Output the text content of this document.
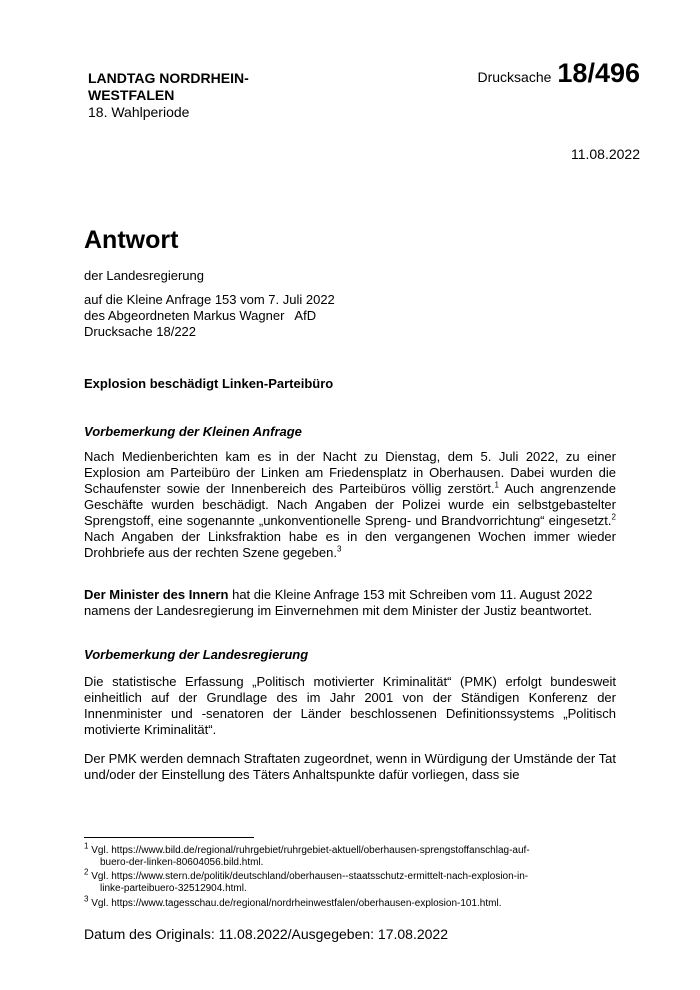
LANDTAG NORDRHEIN-
WESTFALEN
18. Wahlperiode
Drucksache 18/496
11.08.2022
Antwort
der Landesregierung
auf die Kleine Anfrage 153 vom 7. Juli 2022
des Abgeordneten Markus Wagner AfD
Drucksache 18/222
Explosion beschädigt Linken-Parteibüro
Vorbemerkung der Kleinen Anfrage
Nach Medienberichten kam es in der Nacht zu Dienstag, dem 5. Juli 2022, zu einer Explosion am Parteibüro der Linken am Friedensplatz in Oberhausen. Dabei wurden die Schaufenster sowie der Innenbereich des Parteibüros völlig zerstört.$^1$ Auch angrenzende Geschäfte wurden beschädigt. Nach Angaben der Polizei wurde ein selbstgebastelter Sprengstoff, eine sogenannte „unkonventionelle Spreng- und Brandvorrichtung“ eingesetzt.$^2$ Nach Angaben der Linksfraktion habe es in den vergangenen Wochen immer wieder Drohbriefe aus der rechten Szene gegeben.$^3$
Der Minister des Innern hat die Kleine Anfrage 153 mit Schreiben vom 11. August 2022 namens der Landesregierung im Einvernehmen mit dem Minister der Justiz beantwortet.
Vorbemerkung der Landesregierung
Die statistische Erfassung „Politisch motivierter Kriminalität“ (PMK) erfolgt bundesweit einheitlich auf der Grundlage des im Jahr 2001 von der Ständigen Konferenz der Innenminister und -senatoren der Länder beschlossenen Definitionssystems „Politisch motivierte Kriminalität“.
Der PMK werden demnach Straftaten zugeordnet, wenn in Würdigung der Umstände der Tat und/oder der Einstellung des Täters Anhaltspunkte dafür vorliegen, dass sie
$^1$ Vgl. https://www.bild.de/regional/ruhrgebiet/ruhrgebiet-aktuell/oberhausen-sprengstoffanschlag-auf-
buero-der-linken-80604056.bild.html.
$^2$ Vgl. https://www.stern.de/politik/deutschland/oberhausen--staatsschutz-ermittelt-nach-explosion-in-
linke-parteibuero-32512904.html.
$^3$ Vgl. https://www.tagesschau.de/regional/nordrheinwestfalen/oberhausen-explosion-101.html.
Datum des Originals: 11.08.2022/Ausgegeben: 17.08.2022
